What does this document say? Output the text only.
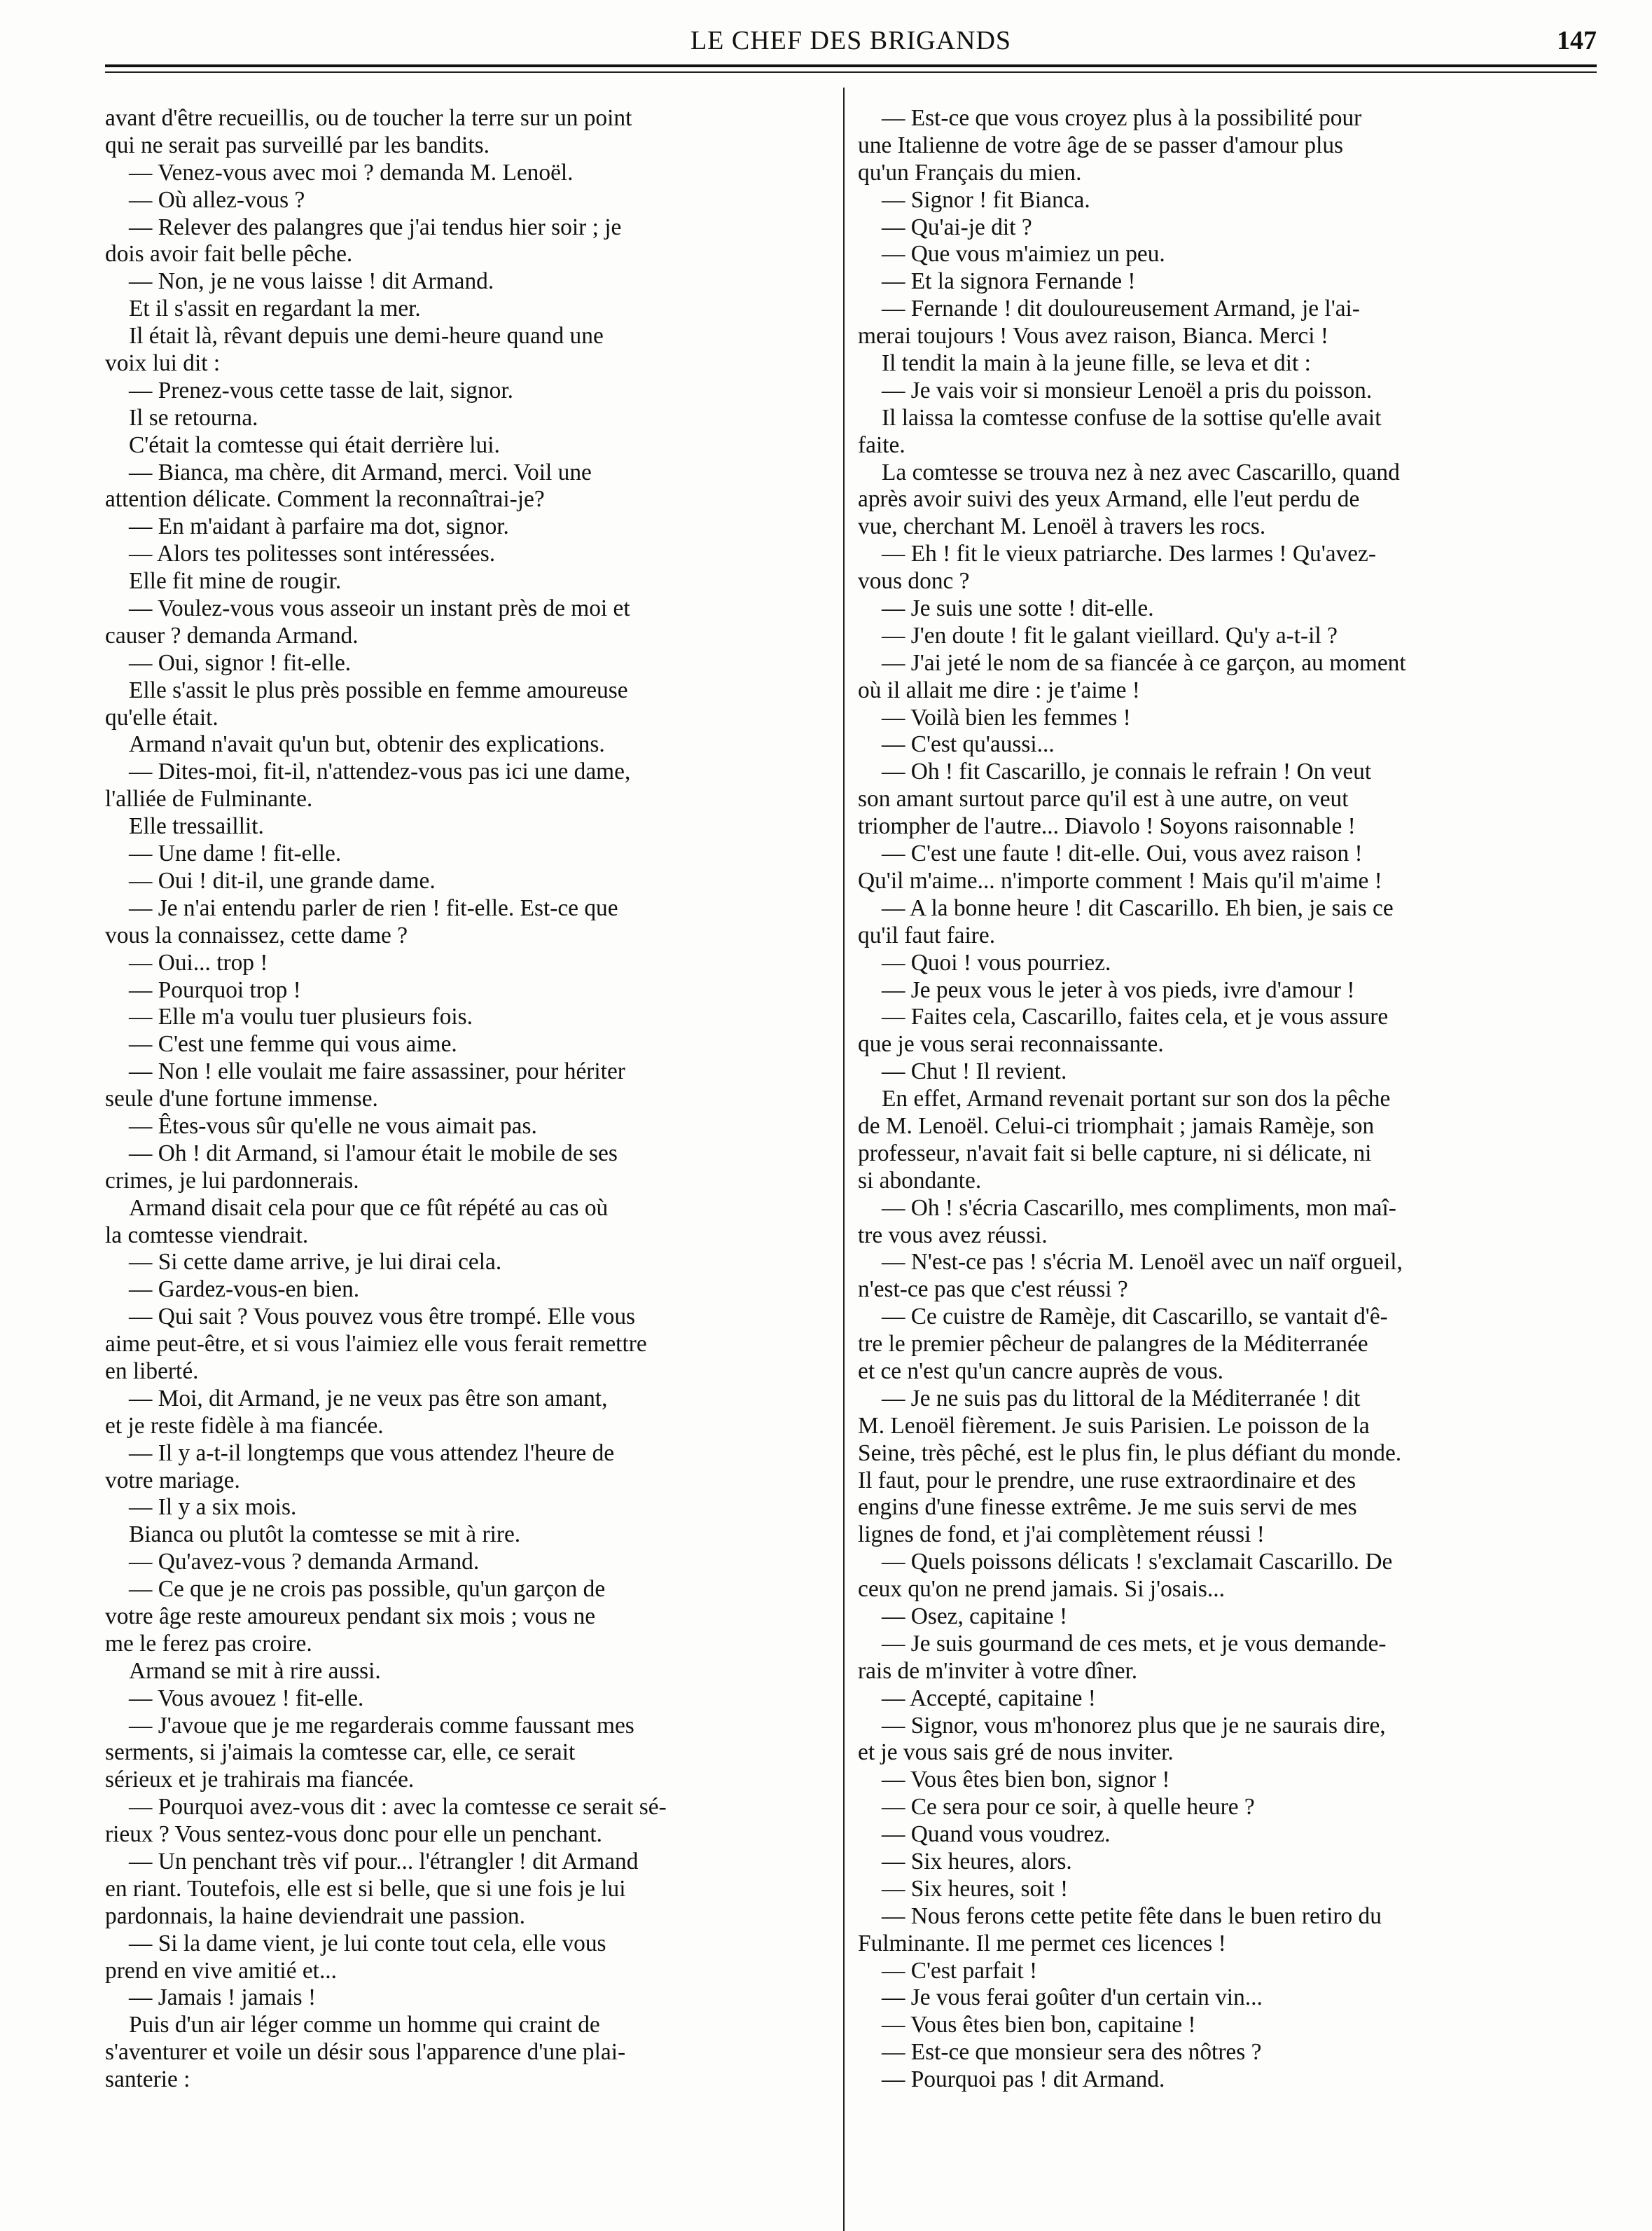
LE CHEF DES BRIGANDS	147
avant d'être recueillis, ou de toucher la terre sur un point
qui ne serait pas surveillé par les bandits.
— Venez-vous avec moi ? demanda M. Lenoël.
— Où allez-vous ?
— Relever des palangres que j'ai tendus hier soir ; je
dois avoir fait belle pêche.
— Non, je ne vous laisse ! dit Armand.
Et il s'assit en regardant la mer.
Il était là, rêvant depuis une demi-heure quand une
voix lui dit :
— Prenez-vous cette tasse de lait, signor.
Il se retourna.
C'était la comtesse qui était derrière lui.
— Bianca, ma chère, dit Armand, merci. Voil une
attention délicate. Comment la reconnaîtrai-je?
— En m'aidant à parfaire ma dot, signor.
— Alors tes politesses sont intéressées.
Elle fit mine de rougir.
— Voulez-vous vous asseoir un instant près de moi et
causer ? demanda Armand.
— Oui, signor ! fit-elle.
Elle s'assit le plus près possible en femme amoureuse
qu'elle était.
Armand n'avait qu'un but, obtenir des explications.
— Dites-moi, fit-il, n'attendez-vous pas ici une dame,
l'alliée de Fulminante.
Elle tressaillit.
— Une dame ! fit-elle.
— Oui ! dit-il, une grande dame.
— Je n'ai entendu parler de rien ! fit-elle. Est-ce que
vous la connaissez, cette dame ?
— Oui... trop !
— Pourquoi trop !
— Elle m'a voulu tuer plusieurs fois.
— C'est une femme qui vous aime.
— Non ! elle voulait me faire assassiner, pour hériter
seule d'une fortune immense.
— Êtes-vous sûr qu'elle ne vous aimait pas.
— Oh ! dit Armand, si l'amour était le mobile de ses
crimes, je lui pardonnerais.
Armand disait cela pour que ce fût répété au cas où
la comtesse viendrait.
— Si cette dame arrive, je lui dirai cela.
— Gardez-vous-en bien.
— Qui sait ? Vous pouvez vous être trompé. Elle vous
aime peut-être, et si vous l'aimiez elle vous ferait remettre
en liberté.
— Moi, dit Armand, je ne veux pas être son amant,
et je reste fidèle à ma fiancée.
— Il y a-t-il longtemps que vous attendez l'heure de
votre mariage.
— Il y a six mois.
Bianca ou plutôt la comtesse se mit à rire.
— Qu'avez-vous ? demanda Armand.
— Ce que je ne crois pas possible, qu'un garçon de
votre âge reste amoureux pendant six mois ; vous ne
me le ferez pas croire.
Armand se mit à rire aussi.
— Vous avouez ! fit-elle.
— J'avoue que je me regarderais comme faussant mes
serments, si j'aimais la comtesse car, elle, ce serait
sérieux et je trahirais ma fiancée.
— Pourquoi avez-vous dit : avec la comtesse ce serait sé-
rieux ? Vous sentez-vous donc pour elle un penchant.
— Un penchant très vif pour... l'étrangler ! dit Armand
en riant. Toutefois, elle est si belle, que si une fois je lui
pardonnais, la haine deviendrait une passion.
— Si la dame vient, je lui conte tout cela, elle vous
prend en vive amitié et...
— Jamais ! jamais !
Puis d'un air léger comme un homme qui craint de
s'aventurer et voile un désir sous l'apparence d'une plai-
santerie :
— Est-ce que vous croyez plus à la possibilité pour
une Italienne de votre âge de se passer d'amour plus
qu'un Français du mien.
— Signor ! fit Bianca.
— Qu'ai-je dit ?
— Que vous m'aimiez un peu.
— Et la signora Fernande !
— Fernande ! dit douloureusement Armand, je l'ai-
merai toujours ! Vous avez raison, Bianca. Merci !
Il tendit la main à la jeune fille, se leva et dit :
— Je vais voir si monsieur Lenoël a pris du poisson.
Il laissa la comtesse confuse de la sottise qu'elle avait
faite.
La comtesse se trouva nez à nez avec Cascarillo, quand
après avoir suivi des yeux Armand, elle l'eut perdu de
vue, cherchant M. Lenoël à travers les rocs.
— Eh ! fit le vieux patriarche. Des larmes ! Qu'avez-
vous donc ?
— Je suis une sotte ! dit-elle.
— J'en doute ! fit le galant vieillard. Qu'y a-t-il ?
— J'ai jeté le nom de sa fiancée à ce garçon, au moment
où il allait me dire : je t'aime !
— Voilà bien les femmes !
— C'est qu'aussi...
— Oh ! fit Cascarillo, je connais le refrain ! On veut
son amant surtout parce qu'il est à une autre, on veut
triompher de l'autre... Diavolo ! Soyons raisonnable !
— C'est une faute ! dit-elle. Oui, vous avez raison !
Qu'il m'aime... n'importe comment ! Mais qu'il m'aime !
— A la bonne heure ! dit Cascarillo. Eh bien, je sais ce
qu'il faut faire.
— Quoi ! vous pourriez.
— Je peux vous le jeter à vos pieds, ivre d'amour !
— Faites cela, Cascarillo, faites cela, et je vous assure
que je vous serai reconnaissante.
— Chut ! Il revient.
En effet, Armand revenait portant sur son dos la pêche
de M. Lenoël. Celui-ci triomphait ; jamais Ramèje, son
professeur, n'avait fait si belle capture, ni si délicate, ni
si abondante.
— Oh ! s'écria Cascarillo, mes compliments, mon maî-
tre vous avez réussi.
— N'est-ce pas ! s'écria M. Lenoël avec un naïf orgueil,
n'est-ce pas que c'est réussi ?
— Ce cuistre de Ramèje, dit Cascarillo, se vantait d'ê-
tre le premier pêcheur de palangres de la Méditerranée
et ce n'est qu'un cancre auprès de vous.
— Je ne suis pas du littoral de la Méditerranée ! dit
M. Lenoël fièrement. Je suis Parisien. Le poisson de la
Seine, très pêché, est le plus fin, le plus défiant du monde.
Il faut, pour le prendre, une ruse extraordinaire et des
engins d'une finesse extrême. Je me suis servi de mes
lignes de fond, et j'ai complètement réussi !
— Quels poissons délicats ! s'exclamait Cascarillo. De
ceux qu'on ne prend jamais. Si j'osais...
— Osez, capitaine !
— Je suis gourmand de ces mets, et je vous demande-
rais de m'inviter à votre dîner.
— Accepté, capitaine !
— Signor, vous m'honorez plus que je ne saurais dire,
et je vous sais gré de nous inviter.
— Vous êtes bien bon, signor !
— Ce sera pour ce soir, à quelle heure ?
— Quand vous voudrez.
— Six heures, alors.
— Six heures, soit !
— Nous ferons cette petite fête dans le buen retiro du
Fulminante. Il me permet ces licences !
— C'est parfait !
— Je vous ferai goûter d'un certain vin...
— Vous êtes bien bon, capitaine !
— Est-ce que monsieur sera des nôtres ?
— Pourquoi pas ! dit Armand.
